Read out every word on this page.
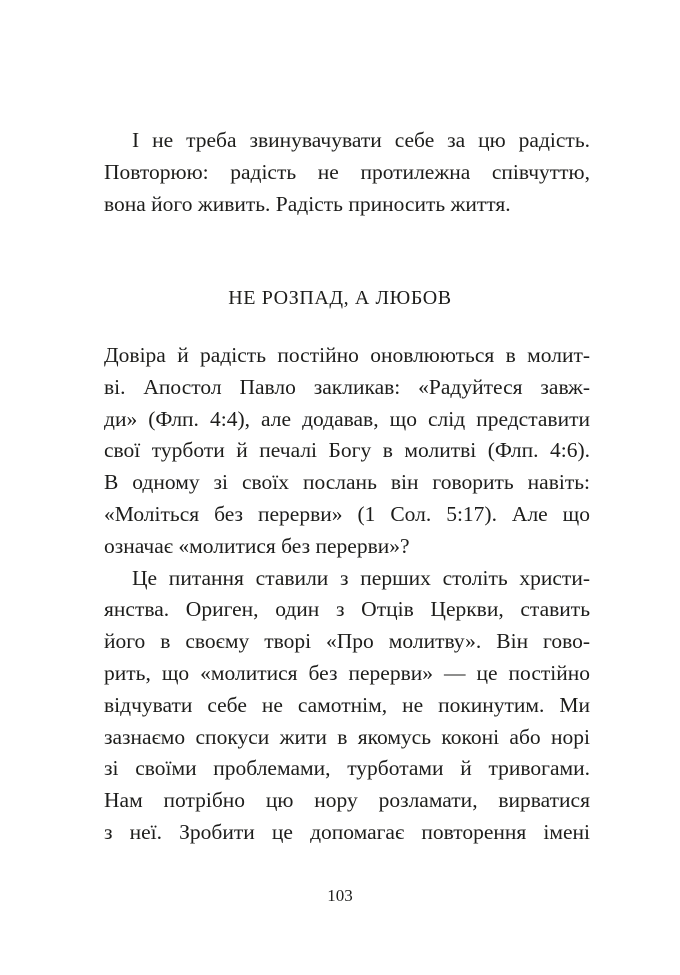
І не треба звинувачувати себе за цю радість.
Повторюю: радість не протилежна співчуттю,
вона його живить. Радість приносить життя.
НЕ РОЗПАД, А ЛЮБОВ
Довіра й радість постійно оновлюються в молит-
ві. Апостол Павло закликав: «Радуйтеся завж-
ди» (Флп. 4:4), але додавав, що слід представити
свої турботи й печалі Богу в молитві (Флп. 4:6).
В одному зі своїх послань він говорить навіть:
«Моліться без перерви» (1 Сол. 5:17). Але що
означає «молитися без перерви»?
Це питання ставили з перших століть христи-
янства. Ориген, один з Отців Церкви, ставить
його в своєму творі «Про молитву». Він гово-
рить, що «молитися без перерви» — це постійно
відчувати себе не самотнім, не покинутим. Ми
зазнаємо спокуси жити в якомусь коконі або норі
зі своїми проблемами, турботами й тривогами.
Нам потрібно цю нору розламати, вирватися
з неї. Зробити це допомагає повторення імені
103
